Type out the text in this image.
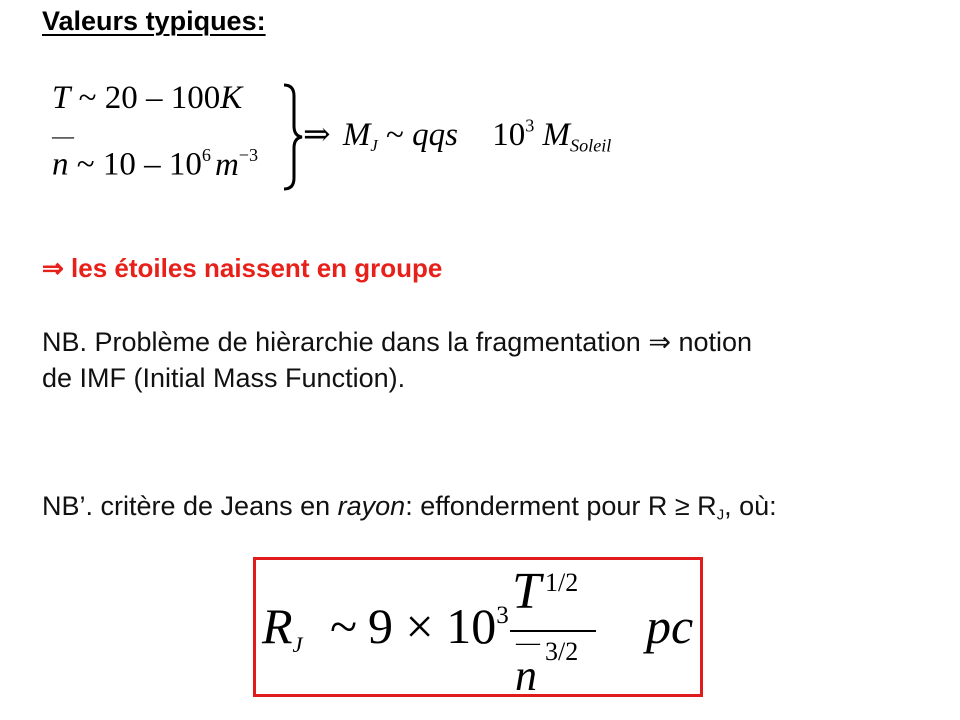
Valeurs typiques:
T ~ 20 – 100K
—
n ~ $10 - 10^6$ $m^{-3}$
⇒ $M_J$ ~ qqs $10^3$ $M_{Soleil}$
⇒ les étoiles naissent en groupe
NB. Problème de hièrarchie dans la fragmentation ⇒ notion
de IMF (Initial Mass Function).
NB’. critère de Jeans en rayon: effonderment pour R ≥ RJ, où:
RJ ~ $9 \times 10^3$ T 1/2
— 3/2
n
pc
